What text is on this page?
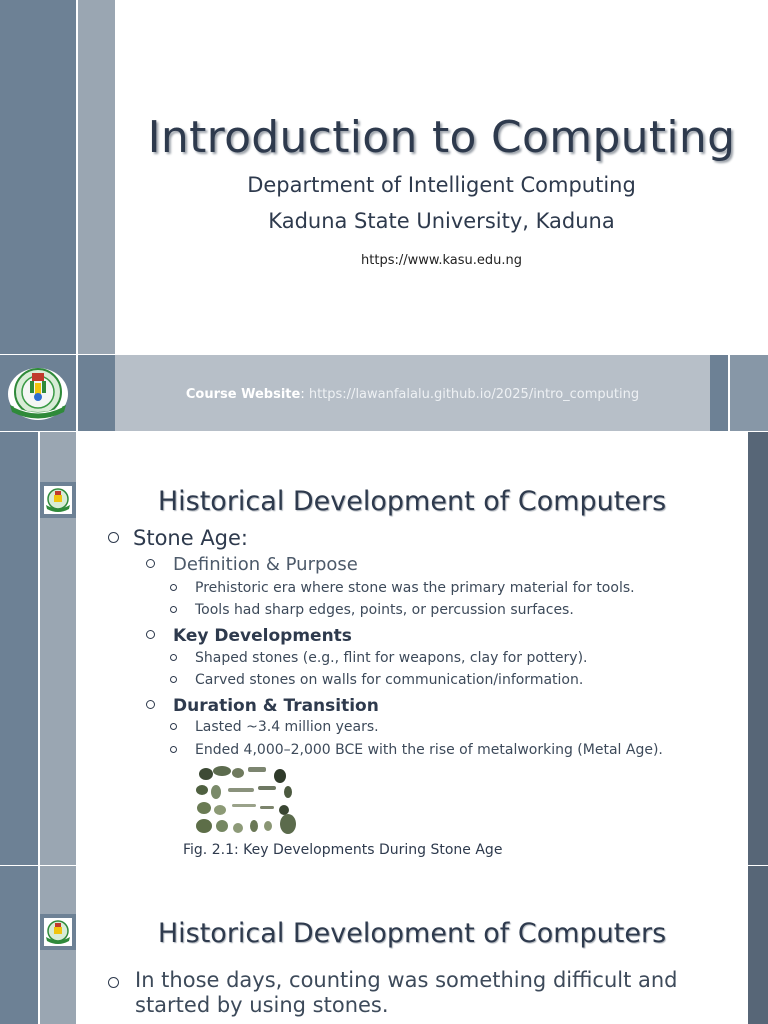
Introduction to Computing
Department of Intelligent Computing
Kaduna State University, Kaduna
https://www.kasu.edu.ng
Course Website: https://lawanfalalu.github.io/2025/intro_computing
Historical Development of Computers
Stone Age:
Definition & Purpose
Prehistoric era where stone was the primary material for tools.
Tools had sharp edges, points, or percussion surfaces.
Key Developments
Shaped stones (e.g., flint for weapons, clay for pottery).
Carved stones on walls for communication/information.
Duration & Transition
Lasted ~3.4 million years.
Ended 4,000–2,000 BCE with the rise of metalworking (Metal Age).
Fig. 2.1: Key Developments During Stone Age
Historical Development of Computers
In those days, counting was something difficult and
started by using stones.
